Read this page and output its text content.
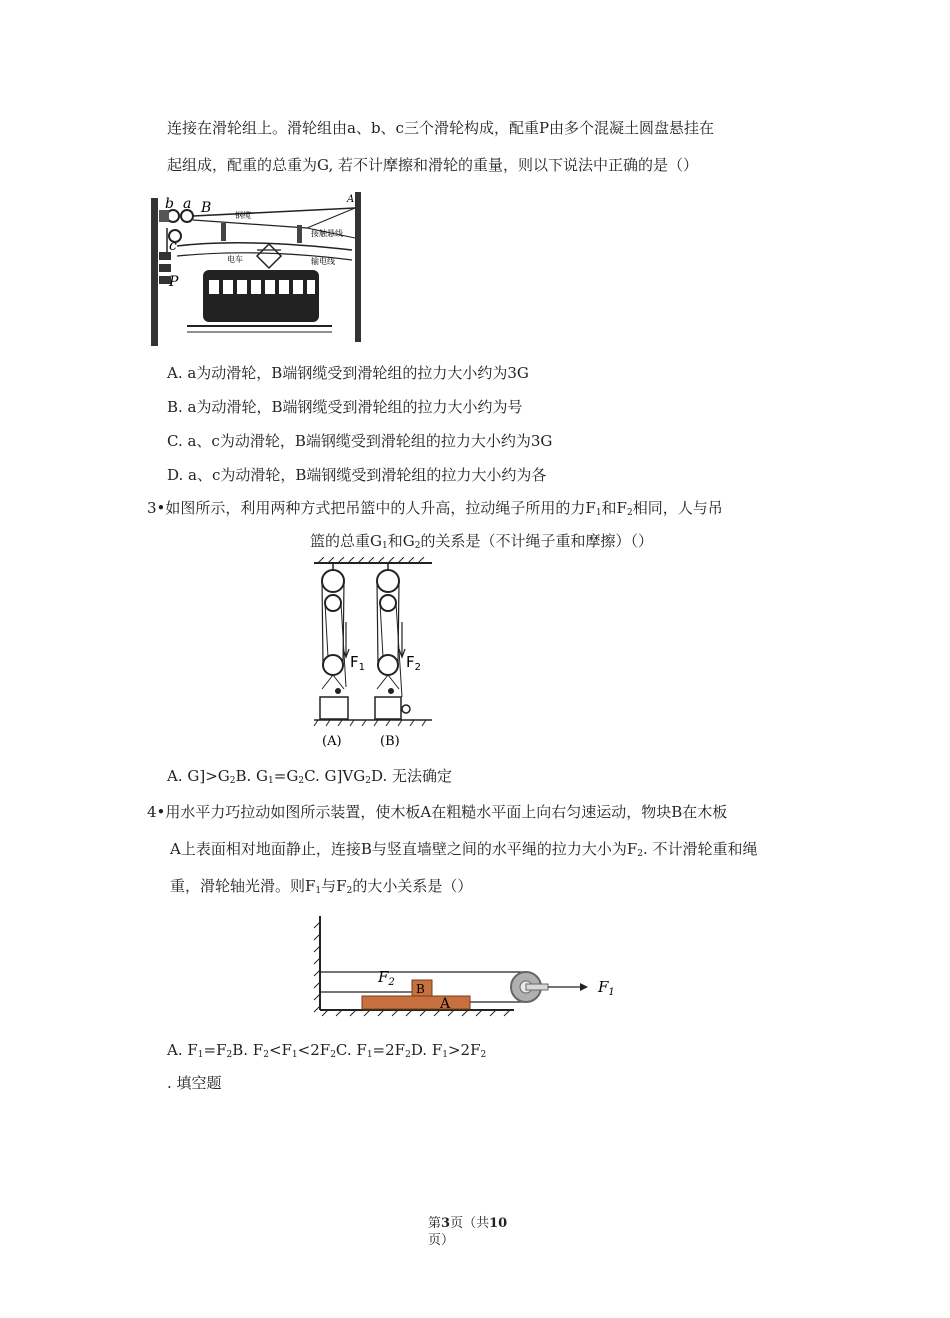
连接在滑轮组上。滑轮组由a、b、c三个滑轮构成，配重P由多个混凝土圆盘悬挂在
起组成，配重的总重为G, 若不计摩擦和滑轮的重量，则以下说法中正确的是（）
b a B
c
P
A
钢缆
接触悬线
输电线
电车
A. a为动滑轮，B端钢缆受到滑轮组的拉力大小约为3G
B. a为动滑轮，B端钢缆受到滑轮组的拉力大小约为号
C. a、c为动滑轮，B端钢缆受到滑轮组的拉力大小约为3G
D. a、c为动滑轮，B端钢缆受到滑轮组的拉力大小约为各
3•如图所示，利用两种方式把吊篮中的人升高，拉动绳子所用的力$F_1$和$F_2$相同，人与吊
篮的总重$G_1$和$G_2$的关系是（不计绳子重和摩擦）（）
$F_1$	$F_2$
(A)	(B)
A. $G]>G_2B$. $G_1=G_2C$. $G]VG_2D$. 无法确定
4•用水平力巧拉动如图所示装置，使木板A在粗糙水平面上向右匀速运动，物块B在木板
A上表面相对地面静止，连接B与竖直墙壁之间的水平绳的拉力大小为$F_2$. 不计滑轮重和绳
重，滑轮轴光滑。则$F_1$与$F_2$的大小关系是（）
$F_2$ B
A
$F_1$
A. $F_1=F_2B$. $F_2<F_1<2F_2C$. $F_1=2F_2D$. $F_1>2F_2$
. 填空题
第3页（共10
页）
